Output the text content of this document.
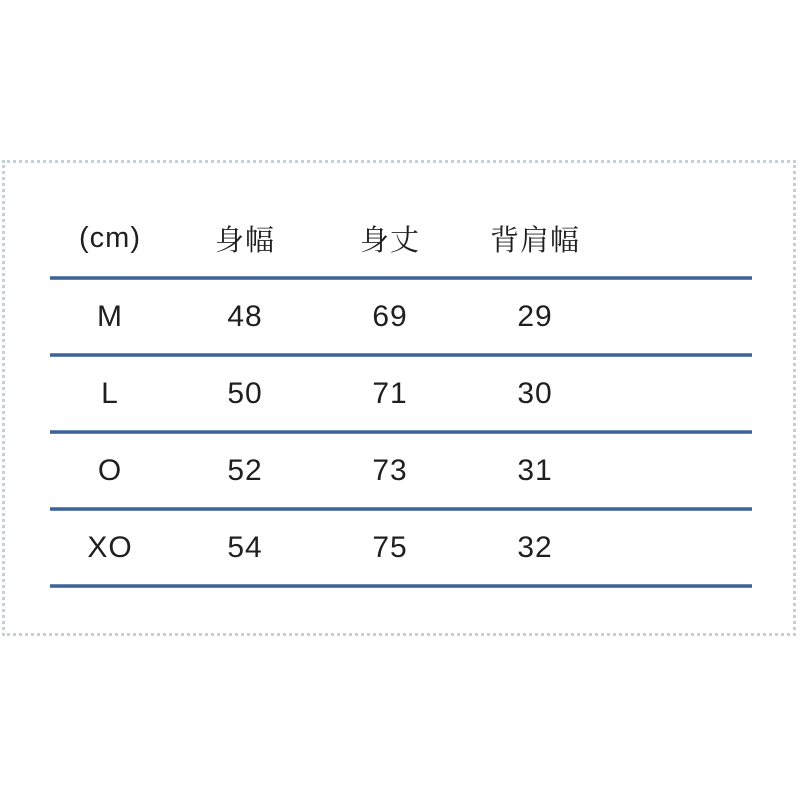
(cm)	身幅	身丈	背肩幅
M	48	69	29
L	50	71	30
O	52	73	31
XO	54	75	32
